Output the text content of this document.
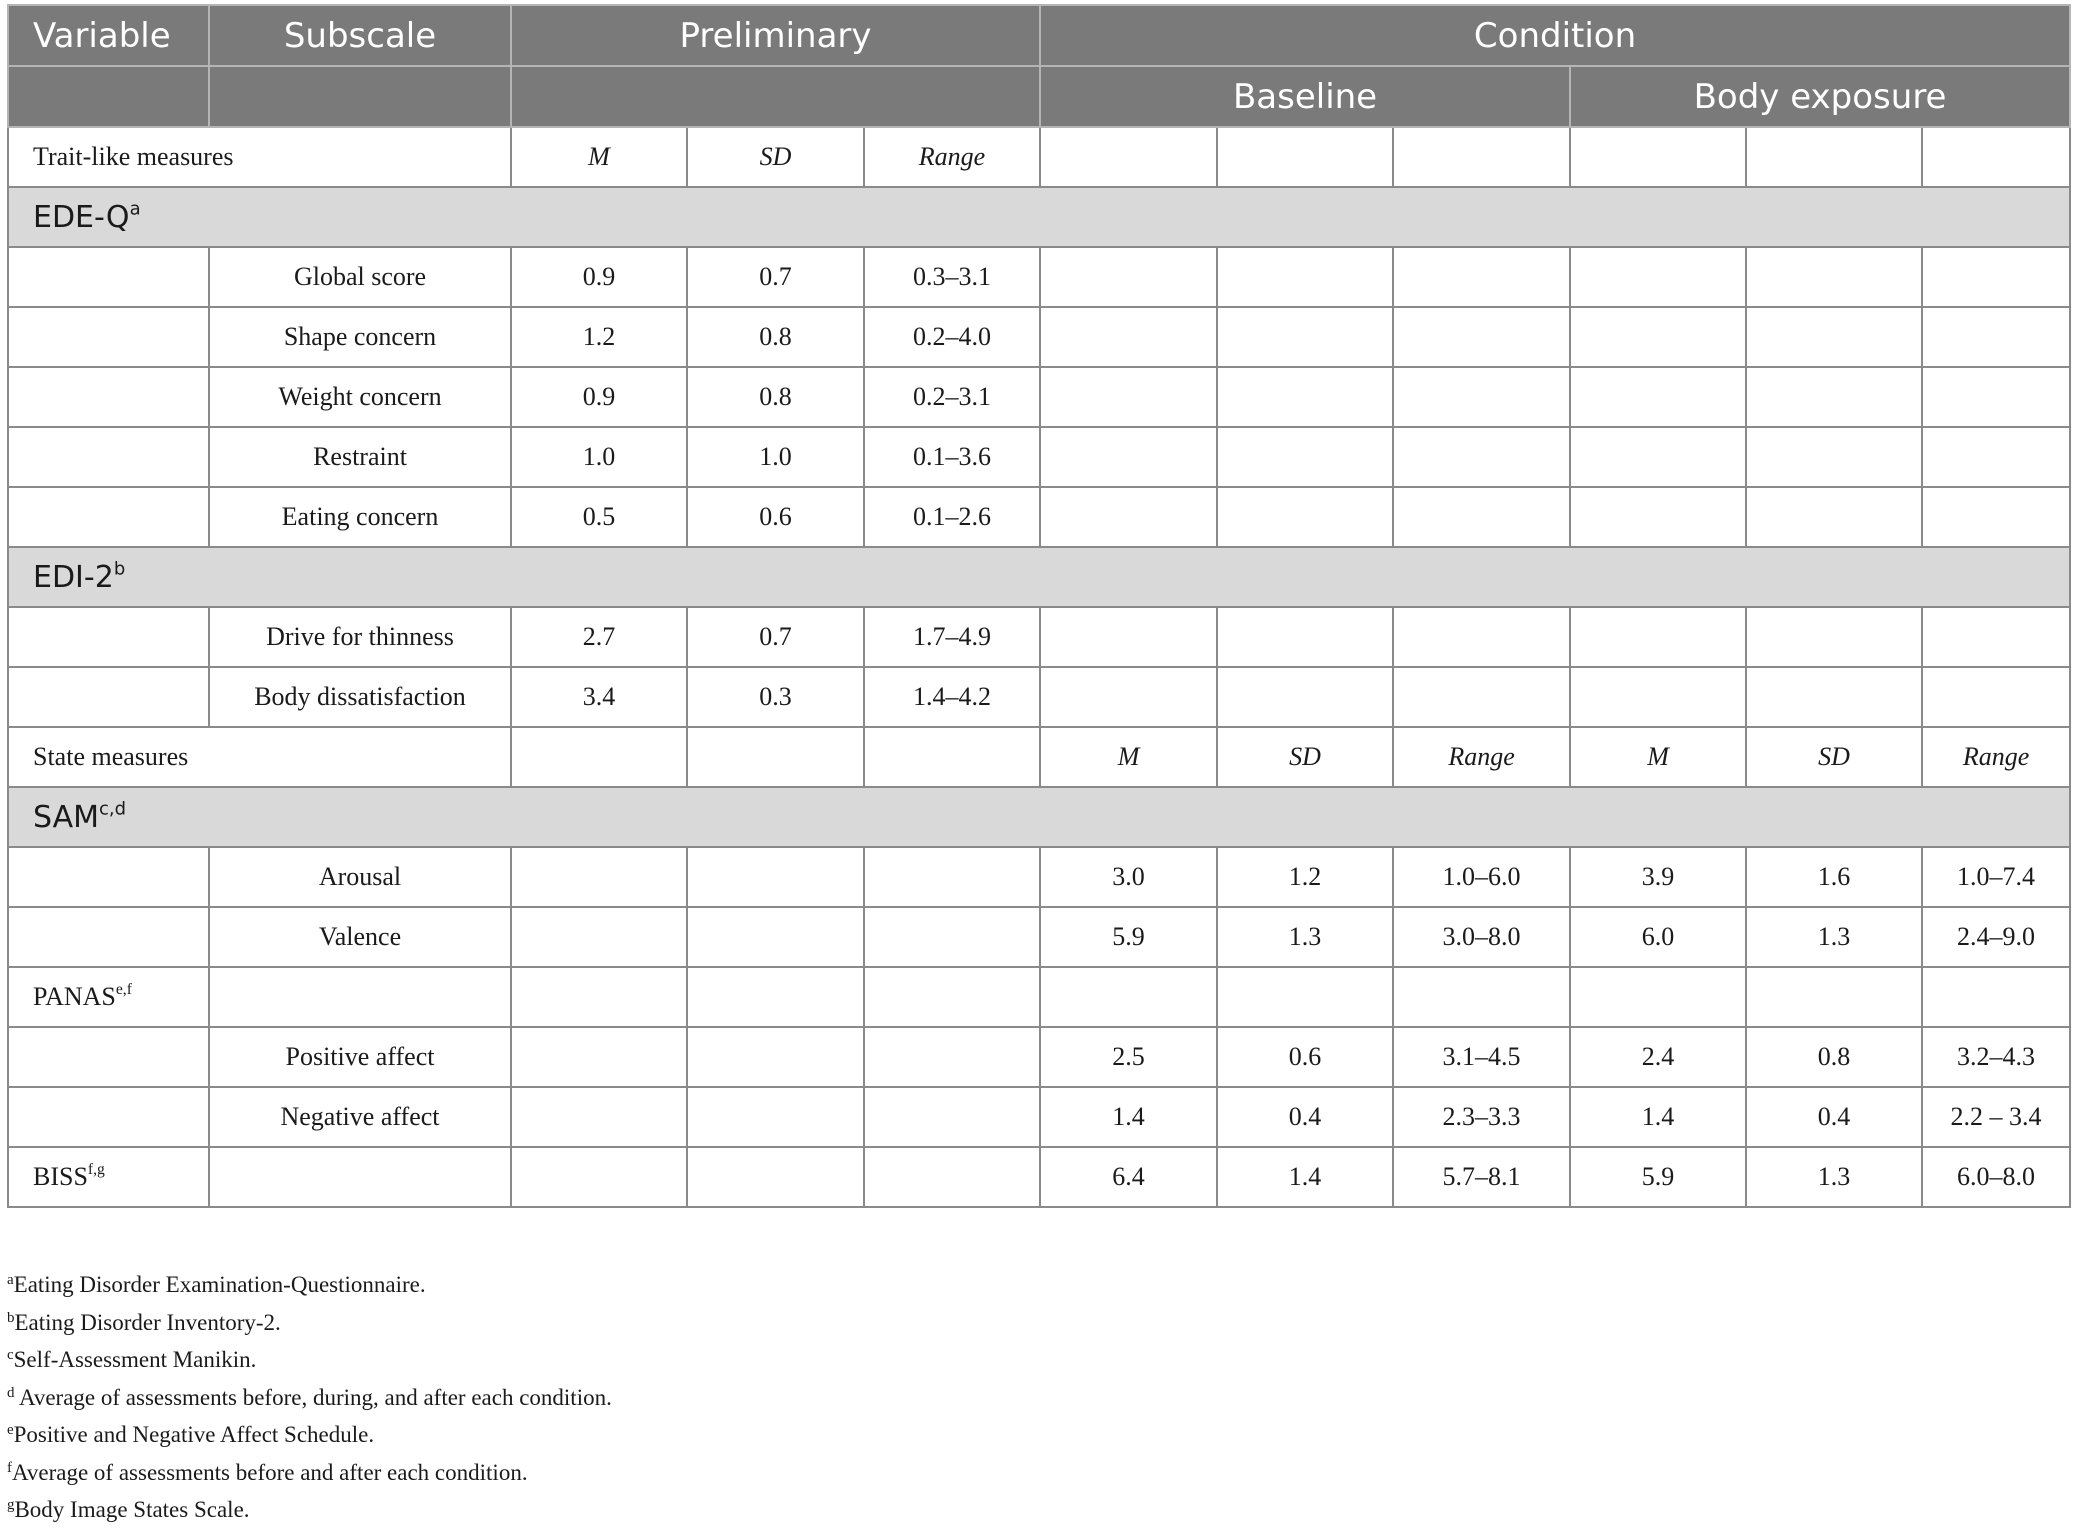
Variable	Subscale	Preliminary			Condition					
					Baseline			Body exposure		
Trait-like measures		M	SD	Range						
EDE-$Q^a$
	Global score	0.9	0.7	0.3–3.1						
	Shape concern	1.2	0.8	0.2–4.0						
	Weight concern	0.9	0.8	0.2–3.1						
	Restraint	1.0	1.0	0.1–3.6						
	Eating concern	0.5	0.6	0.1–2.6						
EDI-2$^b$
	Drive for thinness	2.7	0.7	1.7–4.9						
	Body dissatisfaction	3.4	0.3	1.4–4.2						
State measures					M	SD	Range	M	SD	Range
SAM$^{c,d}$
	Arousal				3.0	1.2	1.0–6.0	3.9	1.6	1.0–7.4
	Valence				5.9	1.3	3.0–8.0	6.0	1.3	2.4–9.0
PANAS$^{e,f}$										
	Positive affect				2.5	0.6	3.1–4.5	2.4	0.8	3.2–4.3
	Negative affect				1.4	0.4	2.3–3.3	1.4	0.4	2.2 – 3.4
BISS$^{f,g}$					6.4	1.4	5.7–8.1	5.9	1.3	6.0–8.0
$^a$Eating Disorder Examination-Questionnaire.
$^b$Eating Disorder Inventory-2.
$^c$Self-Assessment Manikin.
$^d$ Average of assessments before, during, and after each condition.
$^e$Positive and Negative Affect Schedule.
$^f$Average of assessments before and after each condition.
$^g$Body Image States Scale.
